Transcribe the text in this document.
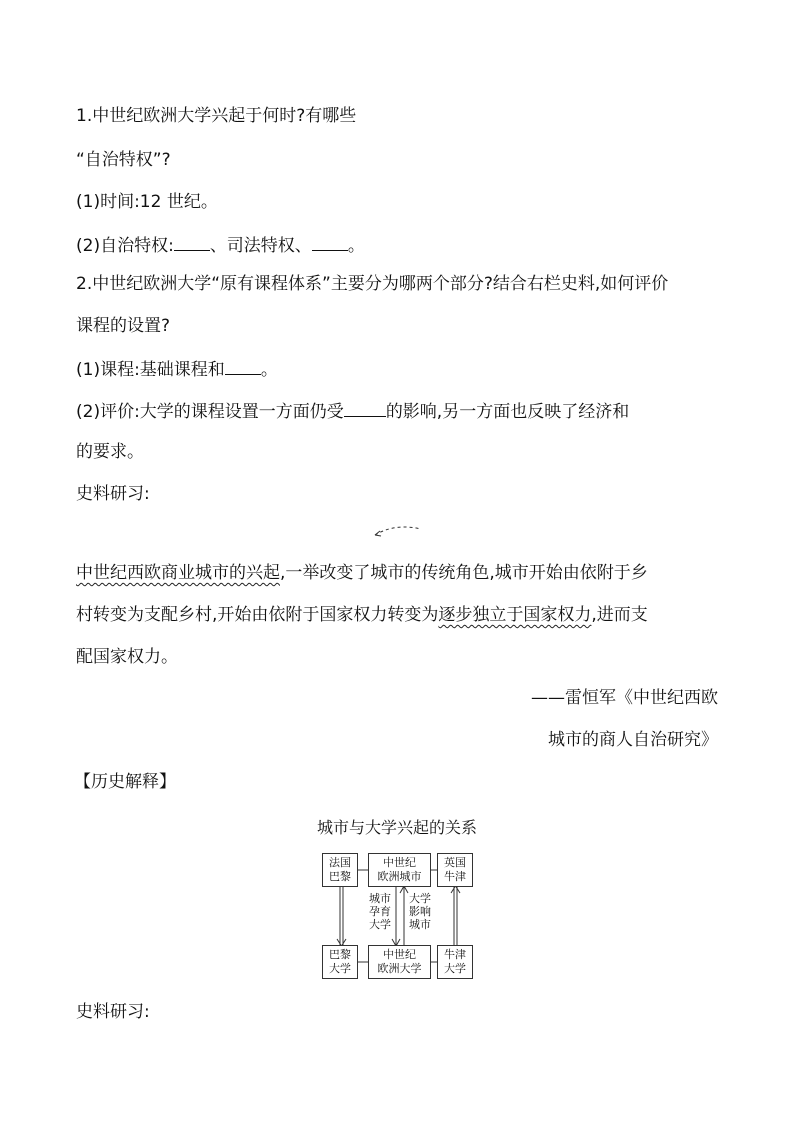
1.中世纪欧洲大学兴起于何时?有哪些
“自治特权”?
(1)时间:12 世纪。
(2)自治特权: 、司法特权、 。
2.中世纪欧洲大学“原有课程体系”主要分为哪两个部分?结合右栏史料,如何评价
课程的设置?
(1)课程:基础课程和 。
(2)评价:大学的课程设置一方面仍受 的影响,另一方面也反映了经济和
的要求。
史料研习:
中世纪西欧商业城市的兴起,一举改变了城市的传统角色,城市开始由依附于乡
村转变为支配乡村,开始由依附于国家权力转变为逐步独立于国家权力,进而支
配国家权力。
——雷恒军《中世纪西欧
城市的商人自治研究》
【历史解释】
城市与大学兴起的关系
法国
巴黎
中世纪
欧洲城市
英国
牛津
城市孕育大学
大学影响城市
巴黎
大学
中世纪
欧洲大学
牛津
大学
史料研习:
